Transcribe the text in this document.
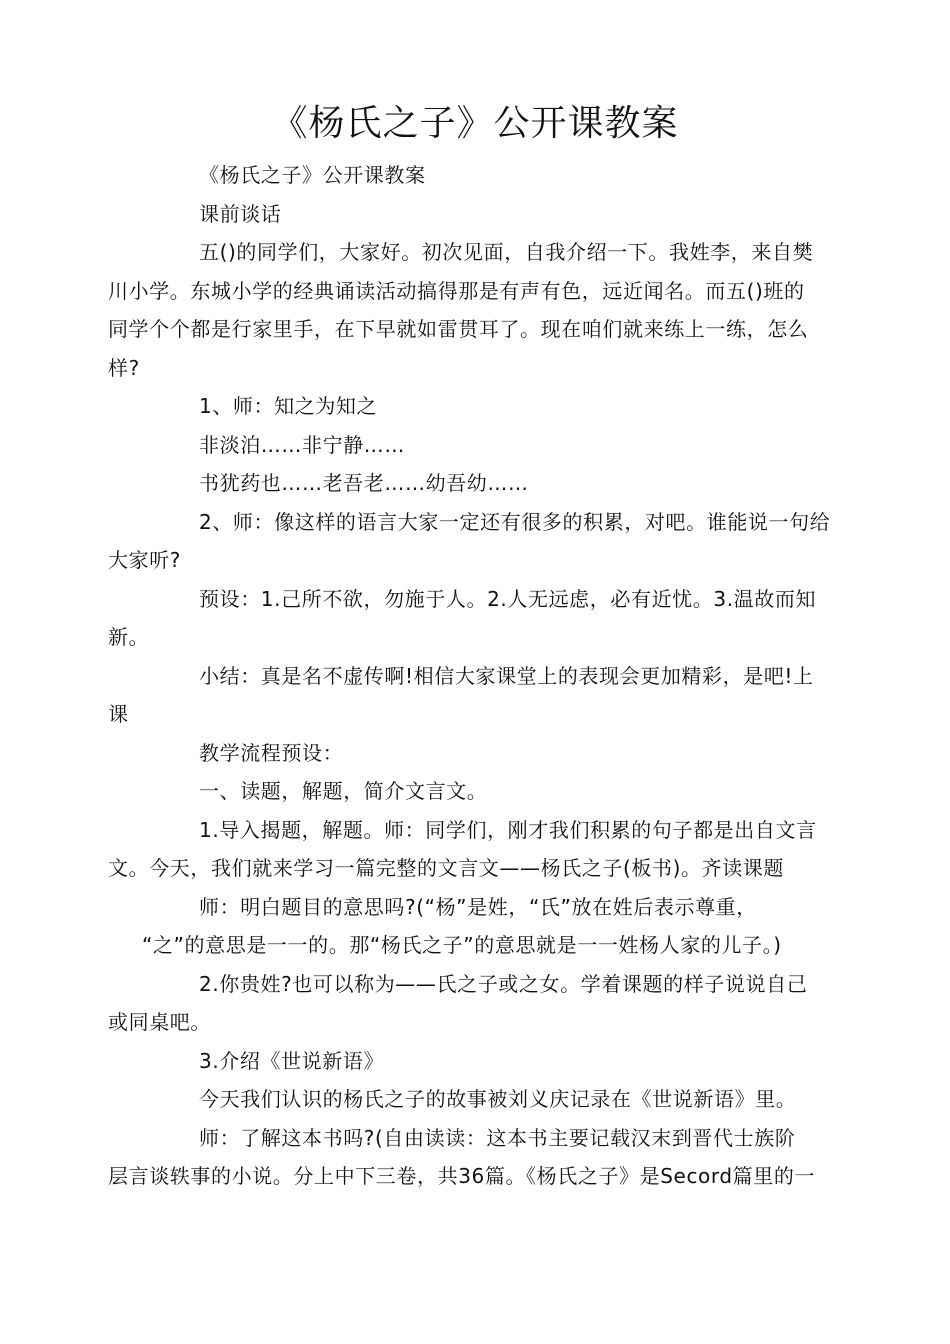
《杨氏之子》公开课教案
《杨氏之子》公开课教案
课前谈话
五()的同学们，大家好。初次见面，自我介绍一下。我姓李，来自樊
川小学。东城小学的经典诵读活动搞得那是有声有色，远近闻名。而五()班的
同学个个都是行家里手，在下早就如雷贯耳了。现在咱们就来练上一练，怎么
样?
1、师：知之为知之
非淡泊……非宁静……
书犹药也……老吾老……幼吾幼……
2、师：像这样的语言大家一定还有很多的积累，对吧。谁能说一句给
大家听?
预设：1.己所不欲，勿施于人。2.人无远虑，必有近忧。3.温故而知
新。
小结：真是名不虚传啊!相信大家课堂上的表现会更加精彩，是吧!上
课
教学流程预设：
一、读题，解题，简介文言文。
1.导入揭题，解题。师：同学们，刚才我们积累的句子都是出自文言
文。今天，我们就来学习一篇完整的文言文——杨氏之子(板书)。齐读课题
师：明白题目的意思吗?(“杨”是姓，“氏”放在姓后表示尊重，
“之”的意思是一一的。那“杨氏之子”的意思就是一一姓杨人家的儿子。)
2.你贵姓?也可以称为——氏之子或之女。学着课题的样子说说自己
或同桌吧。
3.介绍《世说新语》
今天我们认识的杨氏之子的故事被刘义庆记录在《世说新语》里。
师：了解这本书吗?(自由读读：这本书主要记载汉末到晋代士族阶
层言谈轶事的小说。分上中下三卷，共36篇。《杨氏之子》是Secord篇里的一
